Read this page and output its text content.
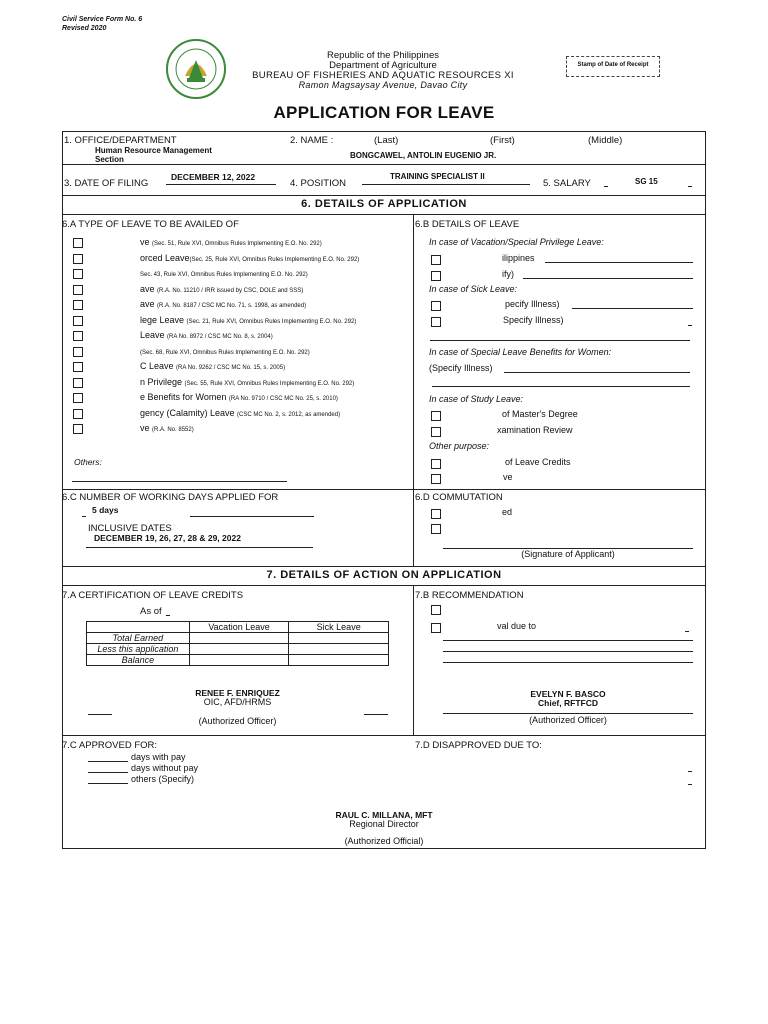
Civil Service Form No. 6
Revised 2020
Republic of the Philippines
Department of Agriculture
BUREAU OF FISHERIES AND AQUATIC RESOURCES XI
Ramon Magsaysay Avenue, Davao City
Stamp of Date of Receipt
APPLICATION FOR LEAVE
1. OFFICE/DEPARTMENT
Human Resource Management
Section
2. NAME :	(Last)	(First)	(Middle)
BONGCAWEL, ANTOLIN EUGENIO JR.
3. DATE OF FILING
DECEMBER 12, 2022
4. POSITION
TRAINING SPECIALIST II
5. SALARY	SG 15
6. DETAILS OF APPLICATION
6.A TYPE OF LEAVE TO BE AVAILED OF
ve (Sec. 51, Rule XVI, Omnibus Rules Implementing E.O. No. 292)
orced Leave(Sec. 25, Rule XVI, Omnibus Rules Implementing E.O. No. 292)
Sec. 43, Rule XVI, Omnibus Rules Implementing E.O. No. 292)
ave (R.A. No. 11210 / IRR issued by CSC, DOLE and SSS)
ave (R.A. No. 8187 / CSC MC No. 71, s. 1998, as amended)
lege Leave (Sec. 21, Rule XVI, Omnibus Rules Implementing E.O. No. 292)
Leave (RA No. 8972 / CSC MC No. 8, s. 2004)
(Sec. 68, Rule XVI, Omnibus Rules Implementing E.O. No. 292)
C Leave (RA No. 9262 / CSC MC No. 15, s. 2005)
n Privilege (Sec. 55, Rule XVI, Omnibus Rules Implementing E.O. No. 292)
e Benefits for Women (RA No. 9710 / CSC MC No. 25, s. 2010)
gency (Calamity) Leave (CSC MC No. 2, s. 2012, as amended)
ve (R.A. No. 8552)
Others:
6.B DETAILS OF LEAVE
In case of Vacation/Special Privilege Leave:
ilippines
ify)
In case of Sick Leave:
pecify Illness)
Specify Illness)
In case of Special Leave Benefits for Women:
(Specify Illness)
In case of Study Leave:
of Master's Degree
xamination Review
Other purpose:
of Leave Credits
ve
6.C NUMBER OF WORKING DAYS APPLIED FOR
5 days
INCLUSIVE DATES
DECEMBER 19, 26, 27, 28 & 29, 2022
6.D COMMUTATION
ed
(Signature of Applicant)
7. DETAILS OF ACTION ON APPLICATION
7.A CERTIFICATION OF LEAVE CREDITS
As of
	Vacation Leave	Sick Leave
Total Earned		
Less this application		
Balance		
RENEE F. ENRIQUEZ
OIC, AFD/HRMS
(Authorized Officer)
7.B RECOMMENDATION
val due to
EVELYN F. BASCO
Chief, RFTFCD
(Authorized Officer)
7.C APPROVED FOR:
days with pay
days without pay
others (Specify)
7.D DISAPPROVED DUE TO:
RAUL C. MILLANA, MFT
Regional Director
(Authorized Official)
